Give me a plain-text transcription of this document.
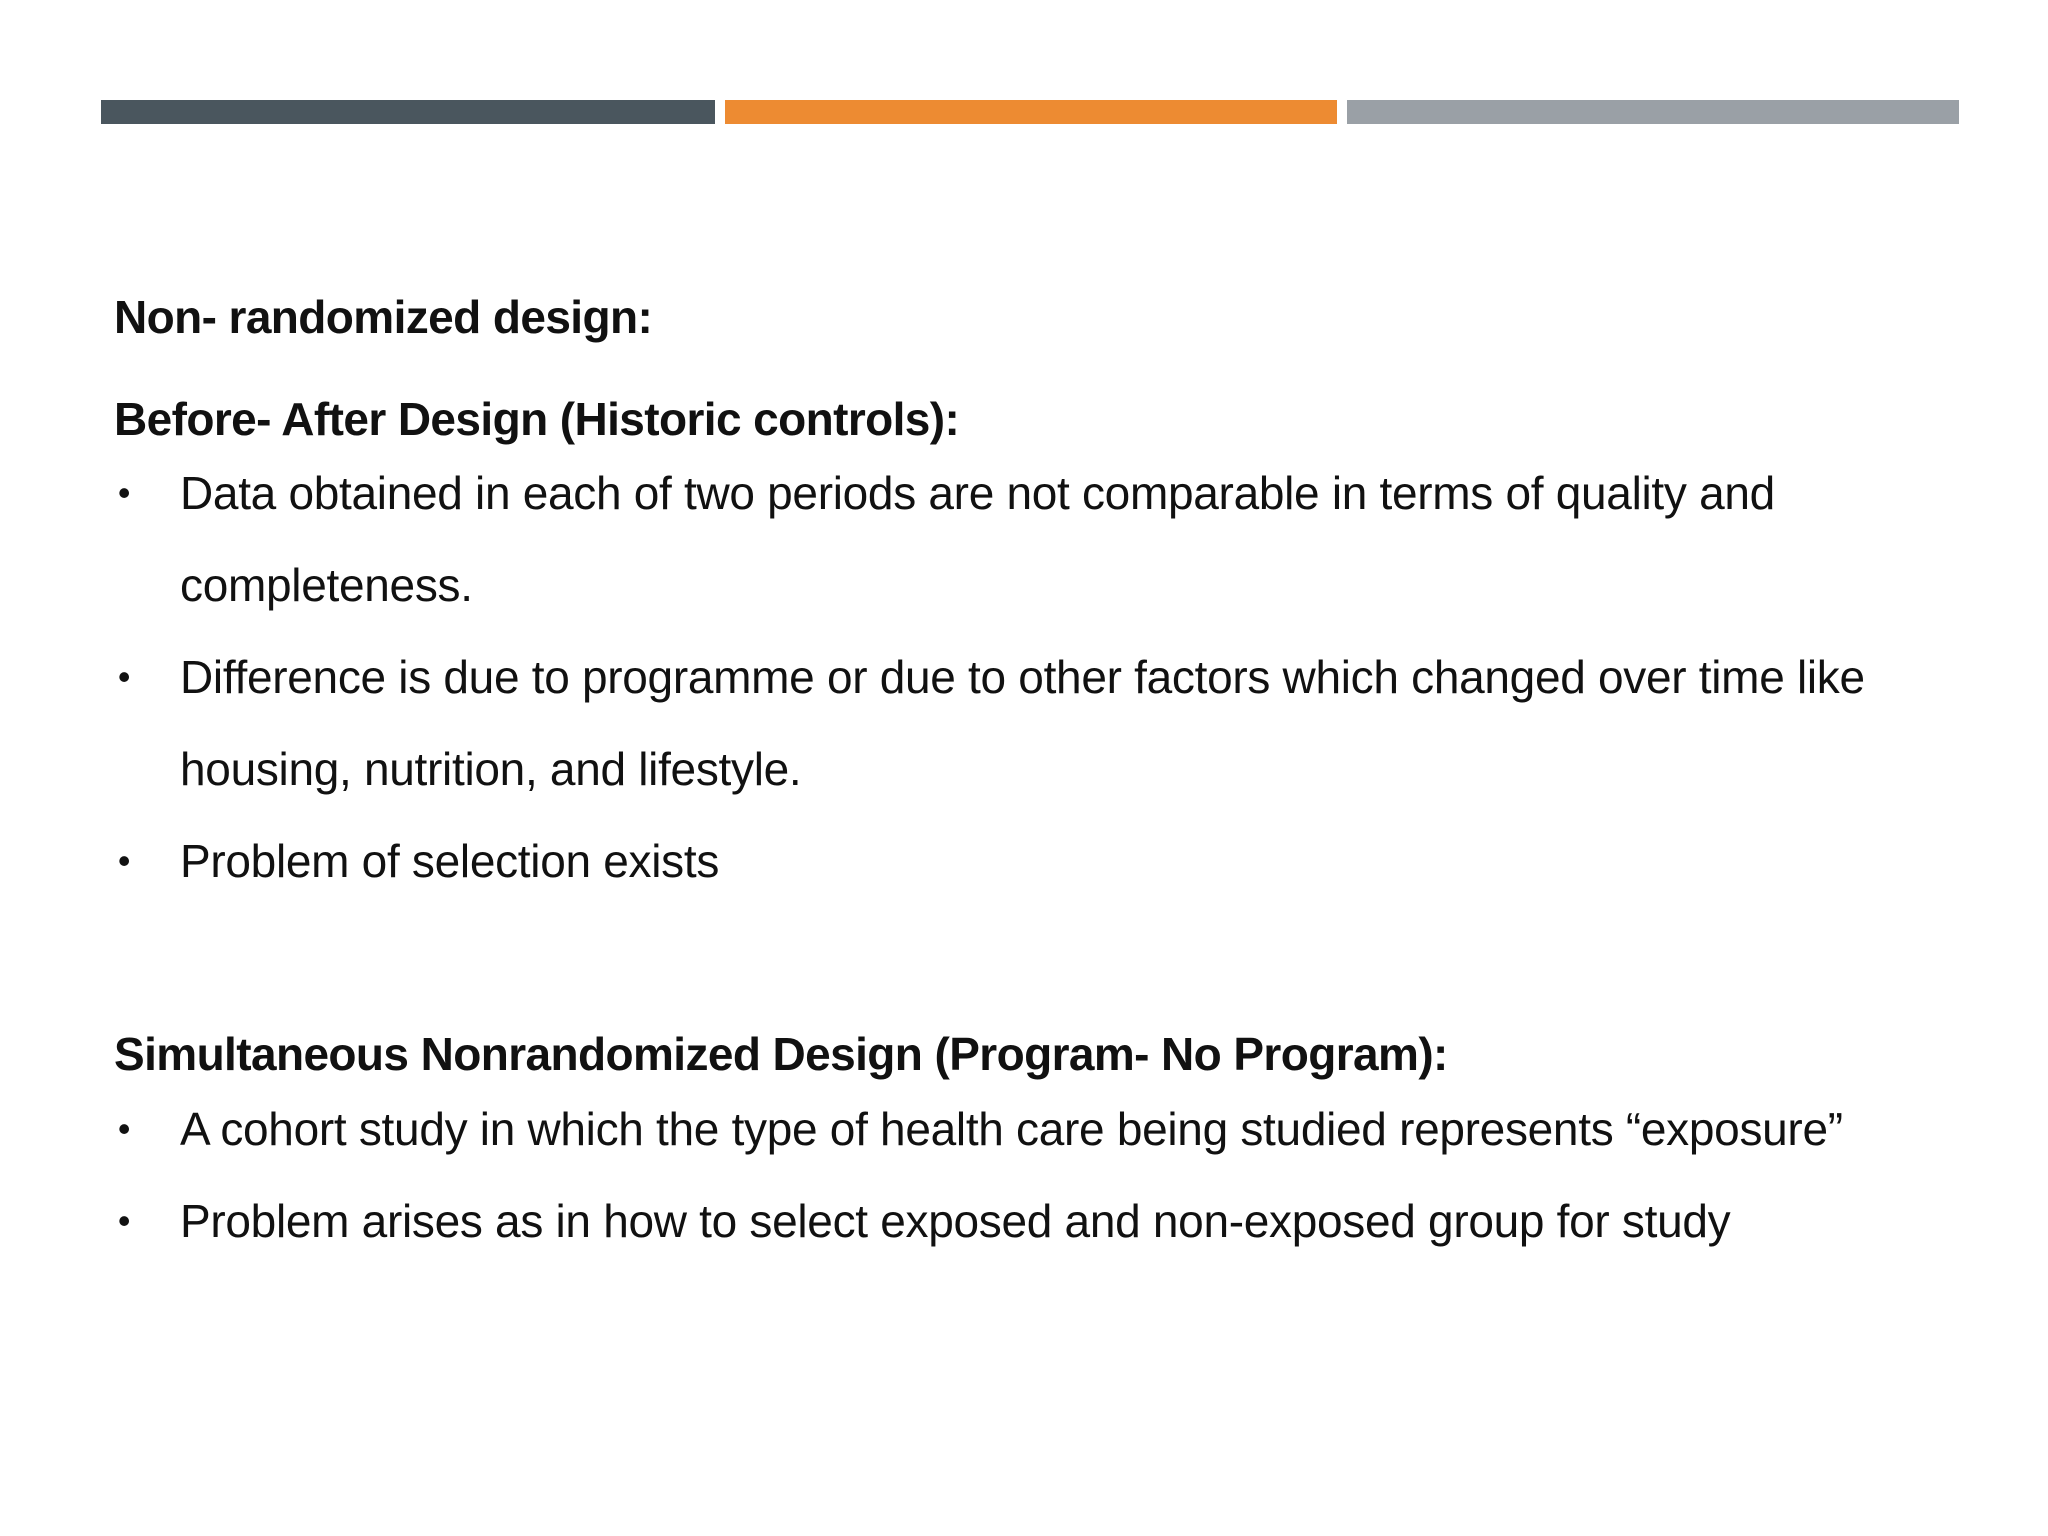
Non- randomized design:

Before- After Design (Historic controls):

• Data obtained in each of two periods are not comparable in terms of quality and completeness.
• Difference is due to programme or due to other factors which changed over time like housing, nutrition, and lifestyle.
• Problem of selection exists

Simultaneous Nonrandomized Design (Program- No Program):

• A cohort study in which the type of health care being studied represents “exposure”
• Problem arises as in how to select exposed and non-exposed group for study
